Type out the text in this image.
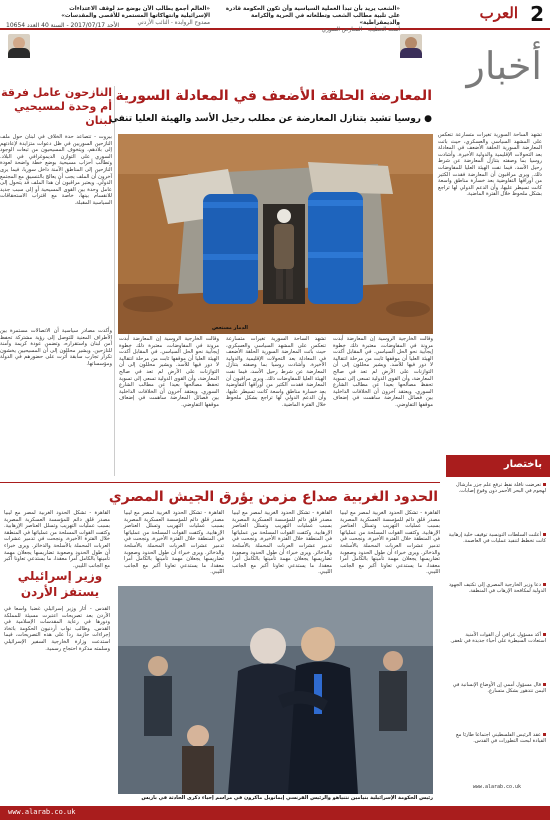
2
العرب
الأحد 2017/07/17 - السنة 40 العدد 10654
«الشعب يريد بأن تبدأ العملية السياسية وأن تكون الحكومة قادرة على تلبية مطالب الشعب وتطلعاته في الحرية والكرامة والديمقراطية»
أسعد الخطيب - المعارض السوري
«العالم أجمع يطالب الآن بوضع حد لوقف الاعتداءات الإسرائيلية وانتهاكاتها المستمرة للأقصى والمقدسات»
ممدوح الروابدة - النائب الأردني
أخبار
النازحون عامل فرقة أم وحدة لمسيحيي لبنان
بيروت - تتصاعد حدة الخلاف في لبنان حول ملف النازحين السوريين في ظل دعوات متزايدة لإعادتهم إلى بلادهم، ويتخوف المسيحيون من تبعات الوجود السوري على التوازن الديموغرافي في البلاد. وتطالب أحزاب مسيحية بوضع خطة واضحة لعودة النازحين إلى المناطق الآمنة داخل سوريا، فيما يرى آخرون أن الملف يجب أن يعالج بالتنسيق مع المجتمع الدولي. ويعتبر مراقبون أن هذا الملف قد يتحول إلى عامل وحدة بين القوى المسيحية أو إلى سبب جديد للانقسام بينها، خاصة مع اقتراب الاستحقاقات السياسية المقبلة.
وأكدت مصادر سياسية أن الاتصالات مستمرة بين الأطراف المعنية للتوصل إلى رؤية مشتركة تحفظ أمن لبنان واستقراره، وتضمن عودة كريمة وآمنة للنازحين. ويشير محللون إلى أن المسيحيين يخشون تكرار تجارب سابقة أثرت على حضورهم في الدولة ومؤسساتها.
المعارضة الحلقة الأضعف في المعادلة السورية
● روسيا تشيد بتنازل المعارضة عن مطلب رحيل الأسد والهيئة العليا تنفي
تشهد الساحة السورية تغيرات متسارعة تنعكس على المشهد السياسي والعسكري، حيث باتت المعارضة السورية الحلقة الأضعف في المعادلة بعد التحولات الإقليمية والدولية الأخيرة. وأشادت روسيا بما وصفته بتنازل المعارضة عن شرط رحيل الأسد، فيما نفت الهيئة العليا للمفاوضات ذلك. ويرى مراقبون أن المعارضة فقدت الكثير من أوراقها التفاوضية بعد خسارة مناطق واسعة كانت تسيطر عليها، وأن الدعم الدولي لها تراجع بشكل ملحوظ خلال الفترة الماضية.
الدمار مستعص
وقالت الخارجية الروسية إن المعارضة أبدت مرونة في المفاوضات، معتبرة ذلك خطوة إيجابية نحو الحل السياسي. في المقابل أكدت الهيئة العليا أن موقفها ثابت من مرحلة انتقالية لا دور فيها للأسد. ويشير محللون إلى أن التوازنات على الأرض لم تعد في صالح المعارضة، وأن القوى الدولية تسعى إلى تسوية تحفظ مصالحها بعيدا عن مطالب الشارع السوري. ويعتقد آخرون أن الخلافات الداخلية بين فصائل المعارضة ساهمت في إضعاف موقفها التفاوضي.
تشهد الساحة السورية تغيرات متسارعة تنعكس على المشهد السياسي والعسكري، حيث باتت المعارضة السورية الحلقة الأضعف في المعادلة بعد التحولات الإقليمية والدولية الأخيرة. وأشادت روسيا بما وصفته بتنازل المعارضة عن شرط رحيل الأسد، فيما نفت الهيئة العليا للمفاوضات ذلك. ويرى مراقبون أن المعارضة فقدت الكثير من أوراقها التفاوضية بعد خسارة مناطق واسعة كانت تسيطر عليها، وأن الدعم الدولي لها تراجع بشكل ملحوظ خلال الفترة الماضية.
وقالت الخارجية الروسية إن المعارضة أبدت مرونة في المفاوضات، معتبرة ذلك خطوة إيجابية نحو الحل السياسي. في المقابل أكدت الهيئة العليا أن موقفها ثابت من مرحلة انتقالية لا دور فيها للأسد. ويشير محللون إلى أن التوازنات على الأرض لم تعد في صالح المعارضة، وأن القوى الدولية تسعى إلى تسوية تحفظ مصالحها بعيدا عن مطالب الشارع السوري. ويعتقد آخرون أن الخلافات الداخلية بين فصائل المعارضة ساهمت في إضعاف موقفها التفاوضي.
باختصار
تعرضت ناقلة نفط ترفع علم جزر مارشال لهجوم في البحر الأحمر دون وقوع إصابات.
أعلنت السلطات التونسية توقيف خلية إرهابية كانت تخطط لتنفيذ عمليات في العاصمة.
دعا وزير الخارجية المصري إلى تكثيف الجهود الدولية لمكافحة الإرهاب في المنطقة.
أكد مسؤول عراقي أن القوات الأمنية استعادت السيطرة على أحياء جديدة في تلعفر.
قال مسؤول أممي إن الأوضاع الإنسانية في اليمن تتدهور بشكل متسارع.
عقد الرئيس الفلسطيني اجتماعا طارئا مع القيادة لبحث التطورات في القدس.
www.alarab.co.uk
الحدود الغربية صداع مزمن يؤرق الجيش المصري
القاهرة - تشكل الحدود الغربية لمصر مع ليبيا مصدر قلق دائم للمؤسسة العسكرية المصرية بسبب عمليات التهريب وتسلل العناصر الإرهابية. وكثفت القوات المسلحة من عملياتها في المنطقة خلال الفترة الأخيرة، ونجحت في تدمير عشرات العربات المحملة بالأسلحة والذخائر. ويرى خبراء أن طول الحدود وصعوبة تضاريسها يجعلان مهمة تأمينها بالكامل أمرا معقدا، ما يستدعي تعاونا أكبر مع الجانب الليبي.
القاهرة - تشكل الحدود الغربية لمصر مع ليبيا مصدر قلق دائم للمؤسسة العسكرية المصرية بسبب عمليات التهريب وتسلل العناصر الإرهابية. وكثفت القوات المسلحة من عملياتها في المنطقة خلال الفترة الأخيرة، ونجحت في تدمير عشرات العربات المحملة بالأسلحة والذخائر. ويرى خبراء أن طول الحدود وصعوبة تضاريسها يجعلان مهمة تأمينها بالكامل أمرا معقدا، ما يستدعي تعاونا أكبر مع الجانب الليبي.
القاهرة - تشكل الحدود الغربية لمصر مع ليبيا مصدر قلق دائم للمؤسسة العسكرية المصرية بسبب عمليات التهريب وتسلل العناصر الإرهابية. وكثفت القوات المسلحة من عملياتها في المنطقة خلال الفترة الأخيرة، ونجحت في تدمير عشرات العربات المحملة بالأسلحة والذخائر. ويرى خبراء أن طول الحدود وصعوبة تضاريسها يجعلان مهمة تأمينها بالكامل أمرا معقدا، ما يستدعي تعاونا أكبر مع الجانب الليبي.
القاهرة - تشكل الحدود الغربية لمصر مع ليبيا مصدر قلق دائم للمؤسسة العسكرية المصرية بسبب عمليات التهريب وتسلل العناصر الإرهابية. وكثفت القوات المسلحة من عملياتها في المنطقة خلال الفترة الأخيرة، ونجحت في تدمير عشرات العربات المحملة بالأسلحة والذخائر. ويرى خبراء أن طول الحدود وصعوبة تضاريسها يجعلان مهمة تأمينها بالكامل أمرا معقدا، ما يستدعي تعاونا أكبر مع الجانب الليبي.
وزير إسرائيلي يستفز الأردن
القدس - أثار وزير إسرائيلي غضبا واسعا في الأردن بعد تصريحات اعتبرت مسيئة للمملكة ودورها في رعاية المقدسات الإسلامية في القدس. وطالب نواب أردنيون الحكومة باتخاذ إجراءات حازمة ردا على هذه التصريحات، فيما استدعت وزارة الخارجية السفير الإسرائيلي وسلمته مذكرة احتجاج رسمية.
رئيس الحكومة الإسرائيلية بنيامين نتنياهو والرئيس الفرنسي إيمانويل ماكرون في مراسم إحياء ذكرى الحادثة في باريس
www.alarab.co.uk
